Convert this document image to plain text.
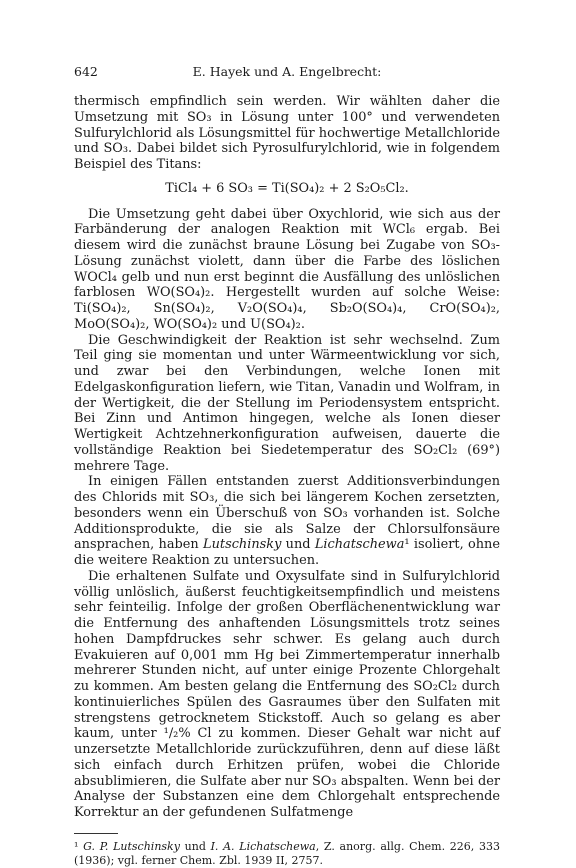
642	E. Hayek und A. Engelbrecht:

thermisch empfindlich sein werden. Wir wählten daher die Umsetzung mit SO₃ in Lösung unter 100° und verwendeten Sulfurylchlorid als Lösungsmittel für hochwertige Metallchloride und SO₃. Dabei bildet sich Pyrosulfurylchlorid, wie in folgendem Beispiel des Titans:

TiCl₄ + 6 SO₃ = Ti(SO₄)₂ + 2 S₂O₅Cl₂.

Die Umsetzung geht dabei über Oxychlorid, wie sich aus der Farbänderung der analogen Reaktion mit WCl₆ ergab. Bei diesem wird die zunächst braune Lösung bei Zugabe von SO₃-Lösung zunächst violett, dann über die Farbe des löslichen WOCl₄ gelb und nun erst beginnt die Ausfällung des unlöslichen farblosen WO(SO₄)₂. Hergestellt wurden auf solche Weise: Ti(SO₄)₂, Sn(SO₄)₂, V₂O(SO₄)₄, Sb₂O(SO₄)₄, CrO(SO₄)₂, MoO(SO₄)₂, WO(SO₄)₂ und U(SO₄)₂.

Die Geschwindigkeit der Reaktion ist sehr wechselnd. Zum Teil ging sie momentan und unter Wärmeentwicklung vor sich, und zwar bei den Verbindungen, welche Ionen mit Edelgaskonfiguration liefern, wie Titan, Vanadin und Wolfram, in der Wertigkeit, die der Stellung im Periodensystem entspricht. Bei Zinn und Antimon hingegen, welche als Ionen dieser Wertigkeit Achtzehnerkonfiguration aufweisen, dauerte die vollständige Reaktion bei Siedetemperatur des SO₂Cl₂ (69°) mehrere Tage.

In einigen Fällen entstanden zuerst Additionsverbindungen des Chlorids mit SO₃, die sich bei längerem Kochen zersetzten, besonders wenn ein Überschuß von SO₃ vorhanden ist. Solche Additionsprodukte, die sie als Salze der Chlorsulfonsäure ansprachen, haben Lutschinsky und Lichatschewa¹ isoliert, ohne die weitere Reaktion zu untersuchen.

Die erhaltenen Sulfate und Oxysulfate sind in Sulfurylchlorid völlig unlöslich, äußerst feuchtigkeitsempfindlich und meistens sehr feinteilig. Infolge der großen Oberflächenentwicklung war die Entfernung des anhaftenden Lösungsmittels trotz seines hohen Dampfdruckes sehr schwer. Es gelang auch durch Evakuieren auf 0,001 mm Hg bei Zimmertemperatur innerhalb mehrerer Stunden nicht, auf unter einige Prozente Chlorgehalt zu kommen. Am besten gelang die Entfernung des SO₂Cl₂ durch kontinuierliches Spülen des Gasraumes über den Sulfaten mit strengstens getrocknetem Stickstoff. Auch so gelang es aber kaum, unter ¹/₂% Cl zu kommen. Dieser Gehalt war nicht auf unzersetzte Metallchloride zurückzuführen, denn auf diese läßt sich einfach durch Erhitzen prüfen, wobei die Chloride absublimieren, die Sulfate aber nur SO₃ abspalten. Wenn bei der Analyse der Substanzen eine dem Chlorgehalt entsprechende Korrektur an der gefundenen Sulfatmenge

¹ G. P. Lutschinsky und I. A. Lichatschewa, Z. anorg. allg. Chem. 226, 333 (1936); vgl. ferner Chem. Zbl. 1939 II, 2757.
